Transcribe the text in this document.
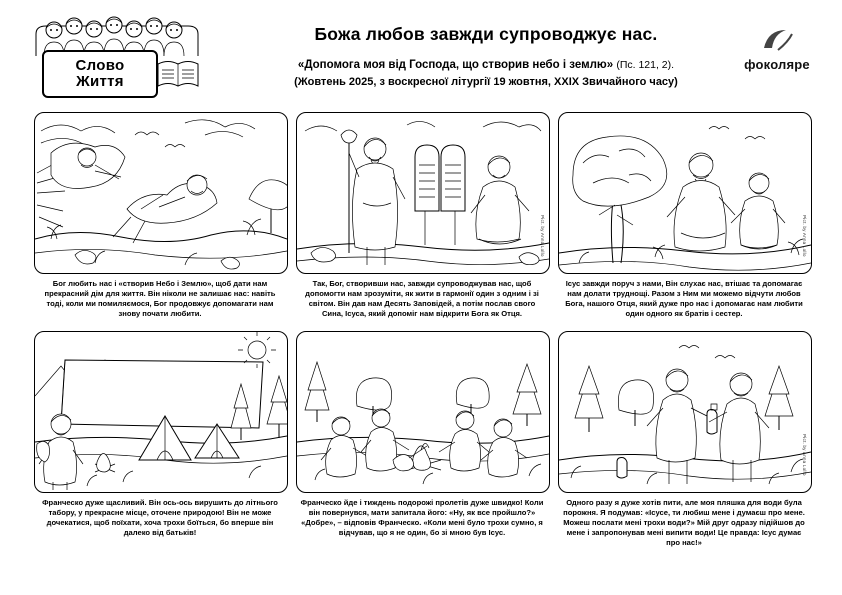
Слово
Життя
Божа любов завжди супроводжує нас.
«Допомога моя від Господа, що створив небо і землю» (Пс. 121, 2).
(Жовтень 2025, з воскресної літургії 19 жовтня, XXIX Звичайного часу)
фоколяре
Бог любить нас і «створив Небо і Землю», щоб дати нам прекрасний дім для життя. Він ніколи не залишає нас: навіть тоді, коли ми помиляємося, Бог продовжує допомагати нам знову почати любити.
Pict. by Anna Lollo
Так, Бог, створивши нас, завжди супроводжував нас, щоб допомогти нам зрозуміти, як жити в гармонії один з одним і зі світом. Він дав нам Десять Заповідей, а потім послав свого Сина, Ісуса, який допоміг нам відкрити Бога як Отця.
Pict. by Anna Lollo
Ісус завжди поруч з нами, Він слухає нас, втішає та допомагає нам долати труднощі. Разом з Ним ми можемо відчути любов Бога, нашого Отця, який дуже про нас і допомагає нам любити один одного як братів і сестер.
Франческо дуже щасливий. Він ось-ось вирушить до літнього табору, у прекрасне місце, оточене природою! Він не може дочекатися, щоб поїхати, хоча трохи боїться, бо вперше він далеко від батьків!
Франческо йде і тиждень подорожі пролетів дуже швидко! Коли він повернувся, мати запитала його: «Ну, як все пройшло?» «Добре», – відповів Франческо. «Коли мені було трохи сумно, я відчував, що я не один, бо зі мною був Ісус.
Pict. by Anna Lollo
Одного разу я дуже хотів пити, але моя пляшка для води була порожня. Я подумав: «Ісусе, ти любиш мене і думаєш про мене. Можеш послати мені трохи води?» Мій друг одразу підійшов до мене і запропонував мені випити води! Це правда: Ісус думає про нас!»
